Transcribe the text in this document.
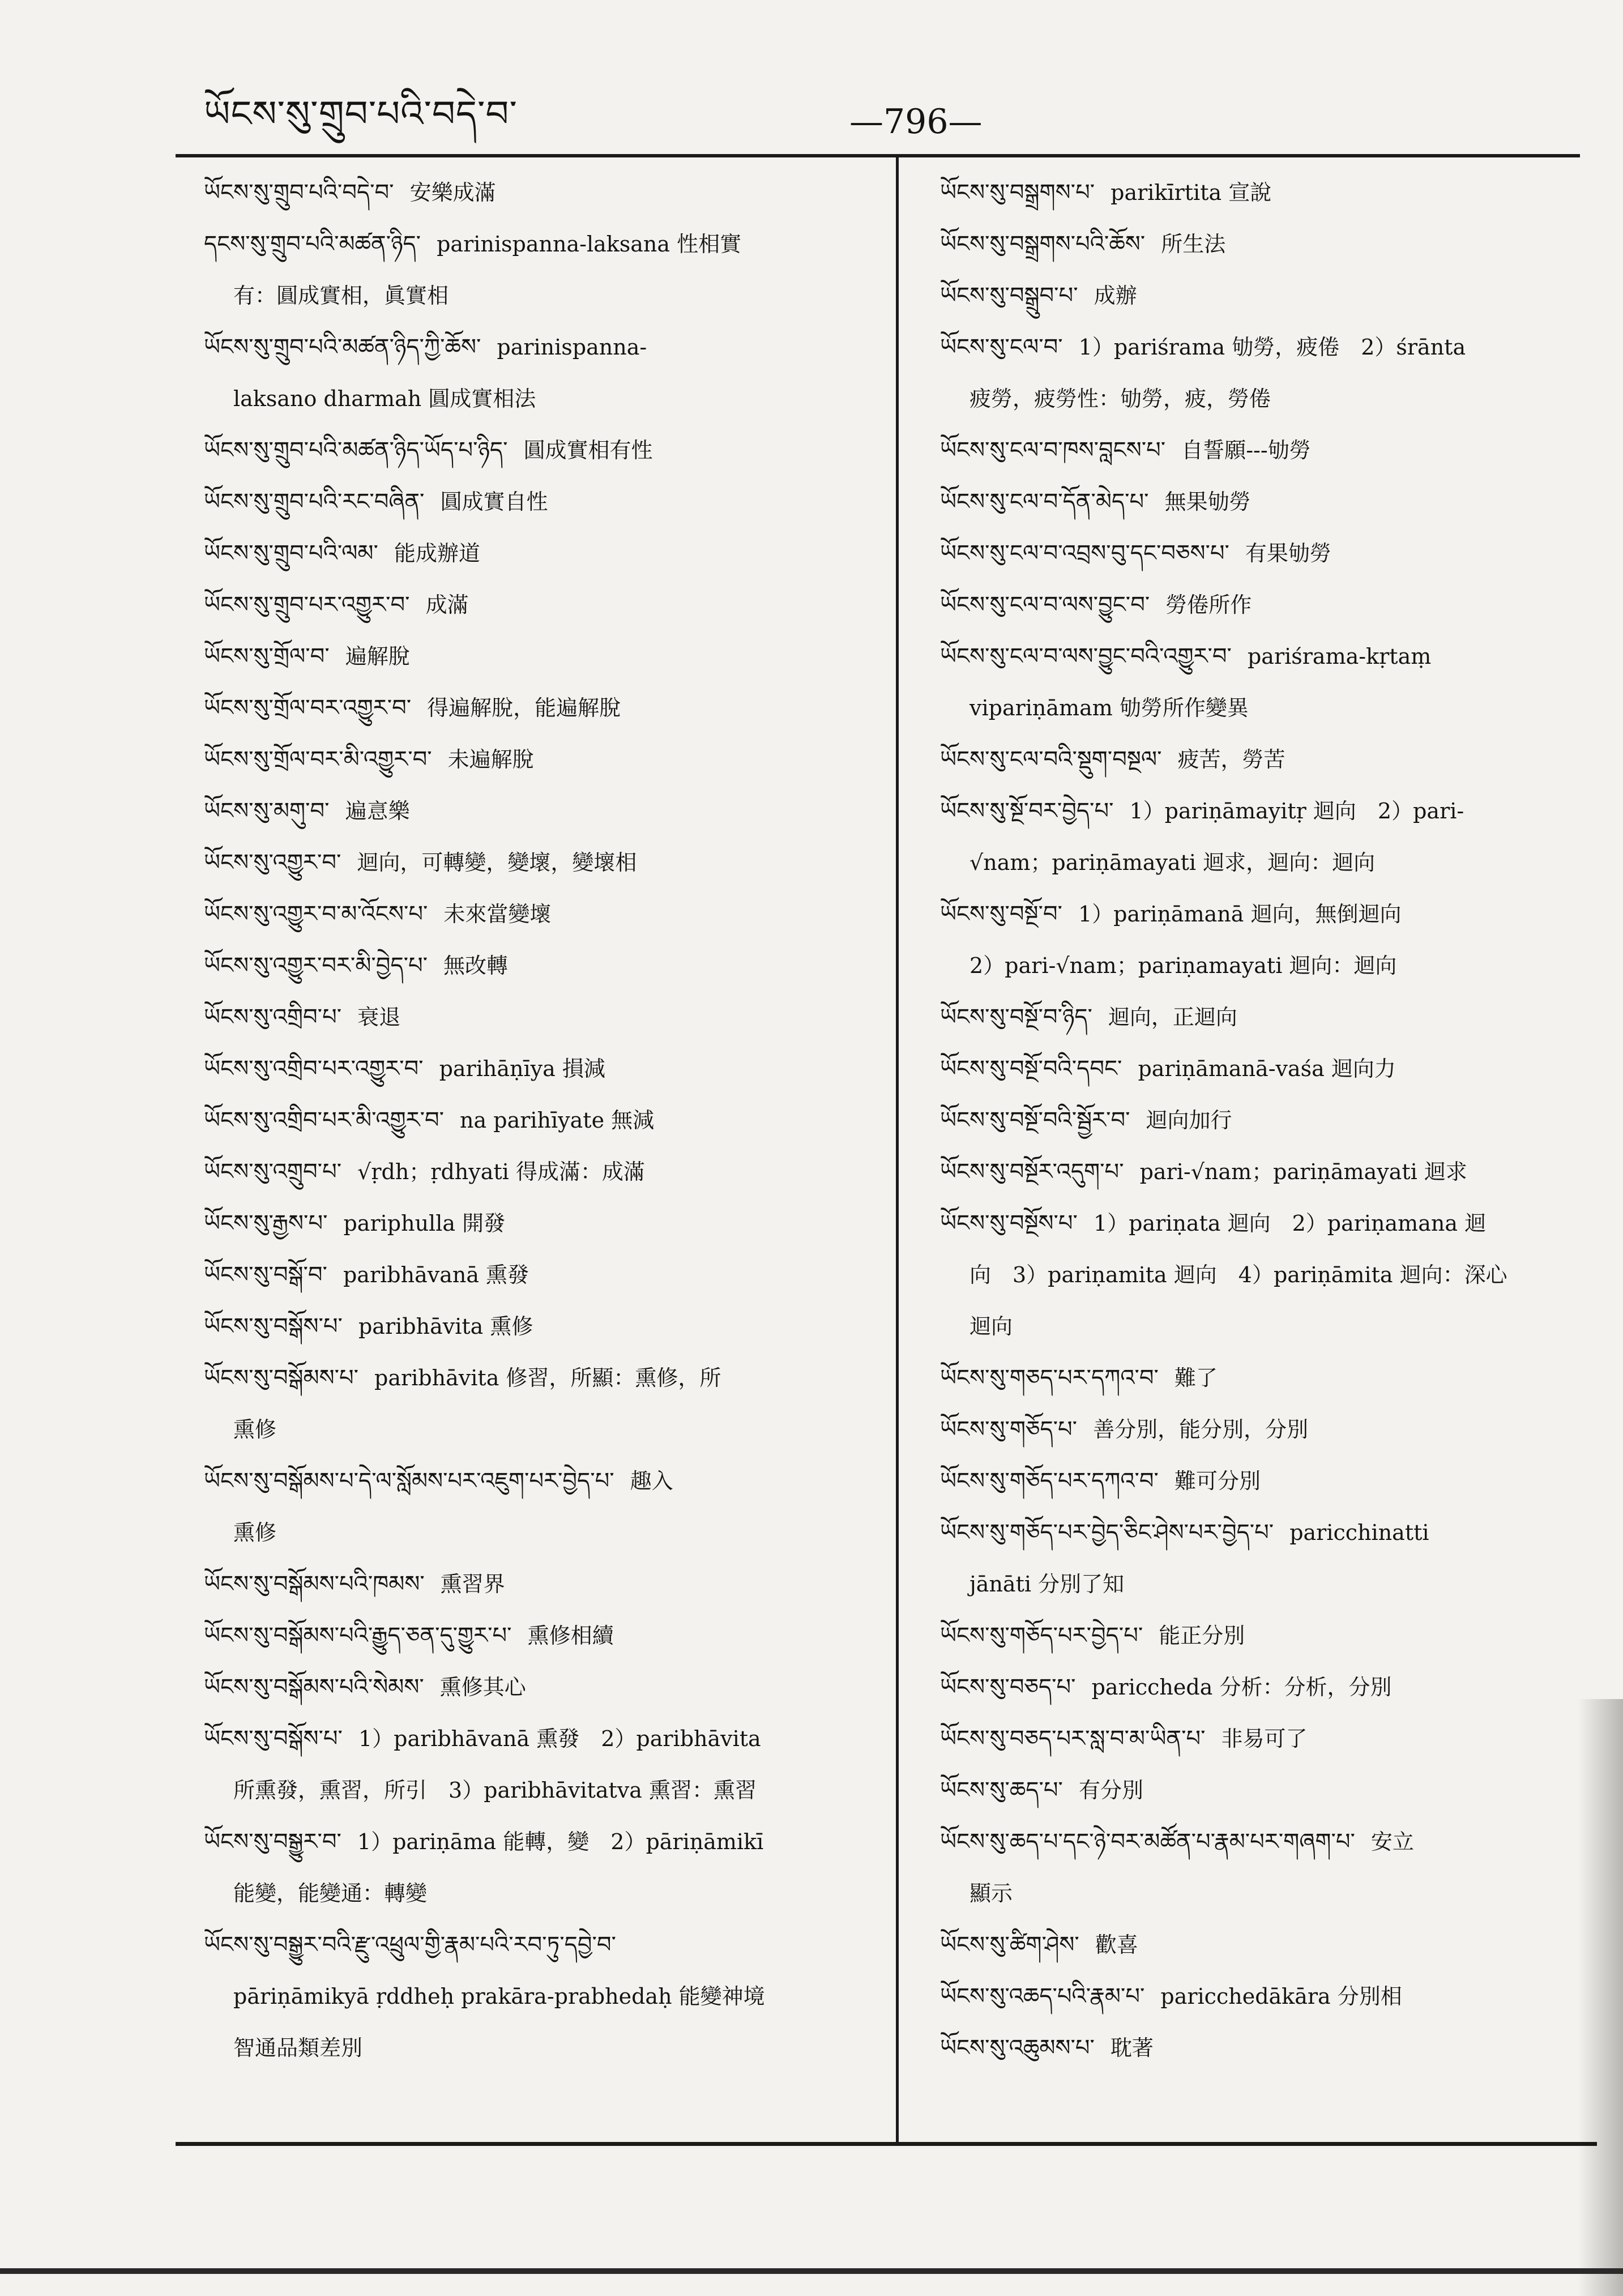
ཡོངས་སུ་གྲུབ་པའི་བདེ་བ་	—796—
ཡོངས་སུ་གྲུབ་པའི་བདེ་བ་ 安樂成滿
དངས་སུ་གྲུབ་པའི་མཚན་ཉིད་ parinispanna-laksana 性相實
有：圓成實相，眞實相
ཡོངས་སུ་གྲུབ་པའི་མཚན་ཉིད་ཀྱི་ཆོས་ parinispanna-
laksano dharmah 圓成實相法
ཡོངས་སུ་གྲུབ་པའི་མཚན་ཉིད་ཡོད་པ་ཉིད་ 圓成實相有性
ཡོངས་སུ་གྲུབ་པའི་རང་བཞིན་ 圓成實自性
ཡོངས་སུ་གྲུབ་པའི་ལམ་ 能成辦道
ཡོངས་སུ་གྲུབ་པར་འགྱུར་བ་ 成滿
ཡོངས་སུ་གྲོལ་བ་ 遍解脫
ཡོངས་སུ་གྲོལ་བར་འགྱུར་བ་ 得遍解脫，能遍解脫
ཡོངས་སུ་གྲོལ་བར་མི་འགྱུར་བ་ 未遍解脫
ཡོངས་སུ་མགུ་བ་ 遍悥樂
ཡོངས་སུ་འགྱུར་བ་ 迴向，可轉變，變壞，變壞相
ཡོངས་སུ་འགྱུར་བ་མ་འོངས་པ་ 未來當變壞
ཡོངས་སུ་འགྱུར་བར་མི་བྱེད་པ་ 無改轉
ཡོངས་སུ་འགྲིབ་པ་ 衰退
ཡོངས་སུ་འགྲིབ་པར་འགྱུར་བ་ parihāṇīya 損減
ཡོངས་སུ་འགྲིབ་པར་མི་འགྱུར་བ་ na parihīyate 無減
ཡོངས་སུ་འགྲུབ་པ་ √ṛdh；ṛdhyati 得成滿：成滿
ཡོངས་སུ་རྒྱས་པ་ pariphulla 開發
ཡོངས་སུ་བསྒོ་བ་ paribhāvanā 熏發
ཡོངས་སུ་བསྒོས་པ་ paribhāvita 熏修
ཡོངས་སུ་བསྒོམས་པ་ paribhāvita 修習，所顯：熏修，所
熏修
ཡོངས་སུ་བསྒོམས་པ་དེ་ལ་སློམས་པར་འཇུག་པར་བྱེད་པ་ 趣入
熏修
ཡོངས་སུ་བསྒོམས་པའི་ཁམས་ 熏習界
ཡོངས་སུ་བསྒོམས་པའི་རྒྱུད་ཅན་དུ་གྱུར་པ་ 熏修相續
ཡོངས་སུ་བསྒོམས་པའི་སེམས་ 熏修其心
ཡོངས་སུ་བསྒོས་པ་ 1）paribhāvanā 熏發　2）paribhāvita
所熏發，熏習，所引　3）paribhāvitatva 熏習：熏習
ཡོངས་སུ་བསྒྱུར་བ་ 1）pariṇāma 能轉，變　2）pāriṇāmikī
能變，能變通：轉變
ཡོངས་སུ་བསྒྱུར་བའི་རྫུ་འཕྲུལ་གྱི་རྣམ་པའི་རབ་ཏུ་དབྱེ་བ་
pāriṇāmikyā ṛddheḥ prakāra-prabhedaḥ 能變神境
智通品類差別
ཡོངས་སུ་བསྒྲགས་པ་ parikīrtita 宣說
ཡོངས་སུ་བསྒྲགས་པའི་ཆོས་ 所生法
ཡོངས་སུ་བསྒྲུབ་པ་ 成辦
ཡོངས་སུ་ངལ་བ་ 1）pariśrama 劬勞，疲倦　2）śrānta
疲勞，疲勞性：劬勞，疲，勞倦
ཡོངས་སུ་ངལ་བ་ཁས་བླངས་པ་ 自誓願---劬勞
ཡོངས་སུ་ངལ་བ་དོན་མེད་པ་ 無果劬勞
ཡོངས་སུ་ངལ་བ་འབྲས་བུ་དང་བཅས་པ་ 有果劬勞
ཡོངས་སུ་ངལ་བ་ལས་བྱུང་བ་ 勞倦所作
ཡོངས་སུ་ངལ་བ་ལས་བྱུང་བའི་འགྱུར་བ་ pariśrama-kṛtaṃ
vipariṇāmam 劬勞所作變異
ཡོངས་སུ་ངལ་བའི་སྡུག་བསྔལ་ 疲苦，勞苦
ཡོངས་སུ་སྔོ་བར་བྱེད་པ་ 1）pariṇāmayitṛ 迴向　2）pari-
√nam；pariṇāmayati 迴求，迴向：迴向
ཡོངས་སུ་བསྔོ་བ་ 1）pariṇāmanā 迴向，無倒迴向
2）pari-√nam；pariṇamayati 迴向：迴向
ཡོངས་སུ་བསྔོ་བ་ཉིད་ 迴向，正迴向
ཡོངས་སུ་བསྔོ་བའི་དབང་ pariṇāmanā-vaśa 迴向力
ཡོངས་སུ་བསྔོ་བའི་སྦྱོར་བ་ 迴向加行
ཡོངས་སུ་བསྔོར་འདུག་པ་ pari-√nam；pariṇāmayati 迴求
ཡོངས་སུ་བསྔོས་པ་ 1）pariṇata 迴向　2）pariṇamana 迴
向　3）pariṇamita 迴向　4）pariṇāmita 迴向：深心
迴向
ཡོངས་སུ་གཅད་པར་དཀའ་བ་ 難了
ཡོངས་སུ་གཅོད་པ་ 善分別，能分別，分別
ཡོངས་སུ་གཅོད་པར་དཀའ་བ་ 難可分別
ཡོངས་སུ་གཅོད་པར་བྱེད་ཅིང་ཤེས་པར་བྱེད་པ་ paricchinatti
jānāti 分別了知
ཡོངས་སུ་གཅོད་པར་བྱེད་པ་ 能正分別
ཡོངས་སུ་བཅད་པ་ pariccheda 分析：分析，分別
ཡོངས་སུ་བཅད་པར་སླ་བ་མ་ཡིན་པ་ 非易可了
ཡོངས་སུ་ཆད་པ་ 有分別
ཡོངས་སུ་ཆད་པ་དང་ཉེ་བར་མཚོན་པ་རྣམ་པར་གཞག་པ་ 安立
顯示
ཡོངས་སུ་ཚིག་ཤེས་ 歡喜
ཡོངས་སུ་འཆད་པའི་རྣམ་པ་ paricchedākāra 分別相
ཡོངས་སུ་འཆུམས་པ་ 耽著
